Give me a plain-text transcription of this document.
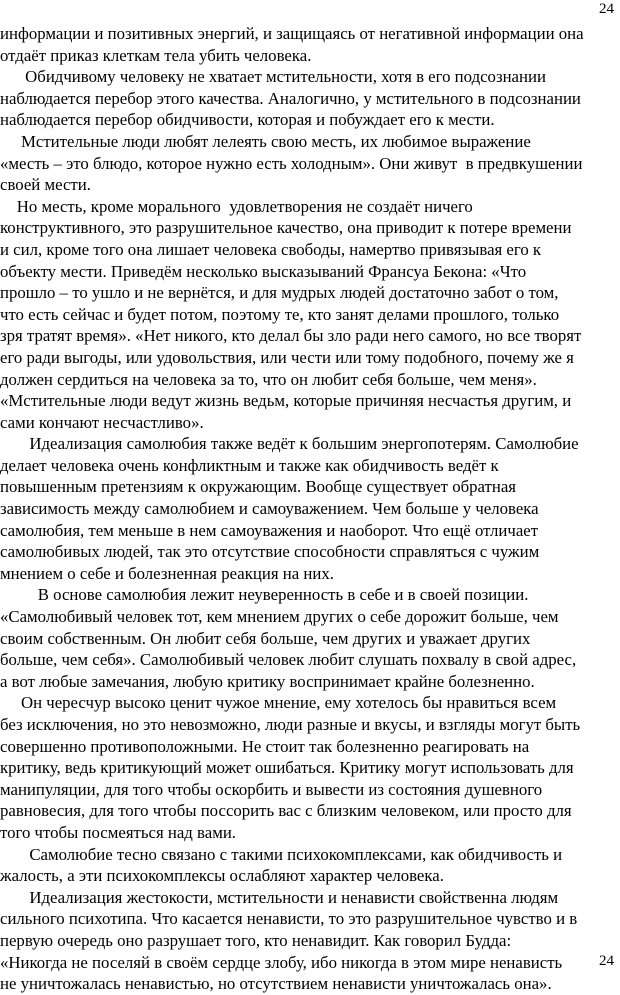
24
информации и позитивных энергий, и защищаясь от негативной информации она
отдаёт приказ клеткам тела убить человека.
Обидчивому человеку не хватает мстительности, хотя в его подсознании
наблюдается перебор этого качества. Аналогично, у мстительного в подсознании
наблюдается перебор обидчивости, которая и побуждает его к мести.
Мстительные люди любят лелеять свою месть, их любимое выражение
«месть – это блюдо, которое нужно есть холодным». Они живут  в предвкушении
своей мести.
Но месть, кроме морального  удовлетворения не создаёт ничего
конструктивного, это разрушительное качество, она приводит к потере времени
и сил, кроме того она лишает человека свободы, намертво привязывая его к
объекту мести. Приведём несколько высказываний Франсуа Бекона: «Что
прошло – то ушло и не вернётся, и для мудрых людей достаточно забот о том,
что есть сейчас и будет потом, поэтому те, кто занят делами прошлого, только
зря тратят время». «Нет никого, кто делал бы зло ради него самого, но все творят
его ради выгоды, или удовольствия, или чести или тому подобного, почему же я
должен сердиться на человека за то, что он любит себя больше, чем меня».
«Мстительные люди ведут жизнь ведьм, которые причиняя несчастья другим, и
сами кончают несчастливо».
Идеализация самолюбия также ведёт к большим энергопотерям. Самолюбие
делает человека очень конфликтным и также как обидчивость ведёт к
повышенным претензиям к окружающим. Вообще существует обратная
зависимость между самолюбием и самоуважением. Чем больше у человека
самолюбия, тем меньше в нем самоуважения и наоборот. Что ещё отличает
самолюбивых людей, так это отсутствие способности справляться с чужим
мнением о себе и болезненная реакция на них.
В основе самолюбия лежит неуверенность в себе и в своей позиции.
«Самолюбивый человек тот, кем мнением других о себе дорожит больше, чем
своим собственным. Он любит себя больше, чем других и уважает других
больше, чем себя». Самолюбивый человек любит слушать похвалу в свой адрес,
а вот любые замечания, любую критику воспринимает крайне болезненно.
Он чересчур высоко ценит чужое мнение, ему хотелось бы нравиться всем
без исключения, но это невозможно, люди разные и вкусы, и взгляды могут быть
совершенно противоположными. Не стоит так болезненно реагировать на
критику, ведь критикующий может ошибаться. Критику могут использовать для
манипуляции, для того чтобы оскорбить и вывести из состояния душевного
равновесия, для того чтобы поссорить вас с близким человеком, или просто для
того чтобы посмеяться над вами.
Самолюбие тесно связано с такими психокомплексами, как обидчивость и
жалость, а эти психокомплексы ослабляют характер человека.
Идеализация жестокости, мстительности и ненависти свойственна людям
сильного психотипа. Что касается ненависти, то это разрушительное чувство и в
первую очередь оно разрушает того, кто ненавидит. Как говорил Будда:
«Никогда не поселяй в своём сердце злобу, ибо никогда в этом мире ненависть
не уничтожалась ненавистью, но отсутствием ненависти уничтожалась она».
24
